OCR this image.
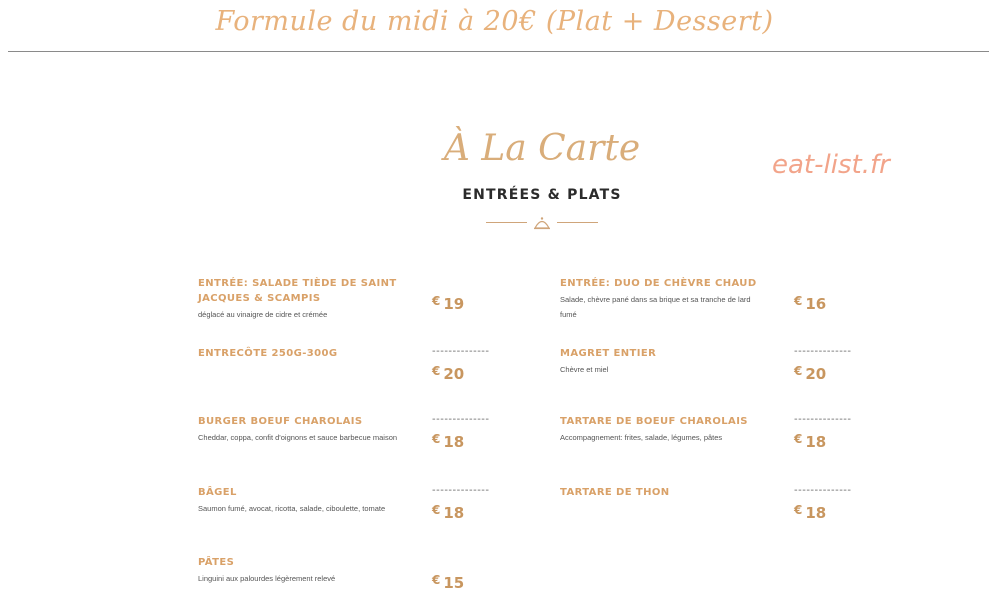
Formule du midi à 20€ (Plat + Dessert)
À La Carte
ENTRÉES & PLATS
eat-list.fr
ENTRÉE: SALADE TIÈDE DE SAINT JACQUES & SCAMPIS
déglacé au vinaigre de cidre et crémée
€ 19
ENTRÉE: DUO DE CHÈVRE CHAUD
Salade, chèvre pané dans sa brique et sa tranche de lard fumé
€ 16
ENTRECÔTE 250G-300G	--------------
€ 20
MAGRET ENTIER
Chèvre et miel
--------------
€ 20
BURGER BOEUF CHAROLAIS
Cheddar, coppa, confit d'oignons et sauce barbecue maison
--------------
€ 18
TARTARE DE BOEUF CHAROLAIS
Accompagnement: frites, salade, légumes, pâtes
--------------
€ 18
BÂGEL
Saumon fumé, avocat, ricotta, salade, ciboulette, tomate
--------------
€ 18
TARTARE DE THON	--------------
€ 18
PÂTES
Linguini aux palourdes légèrement relevé	€ 15
